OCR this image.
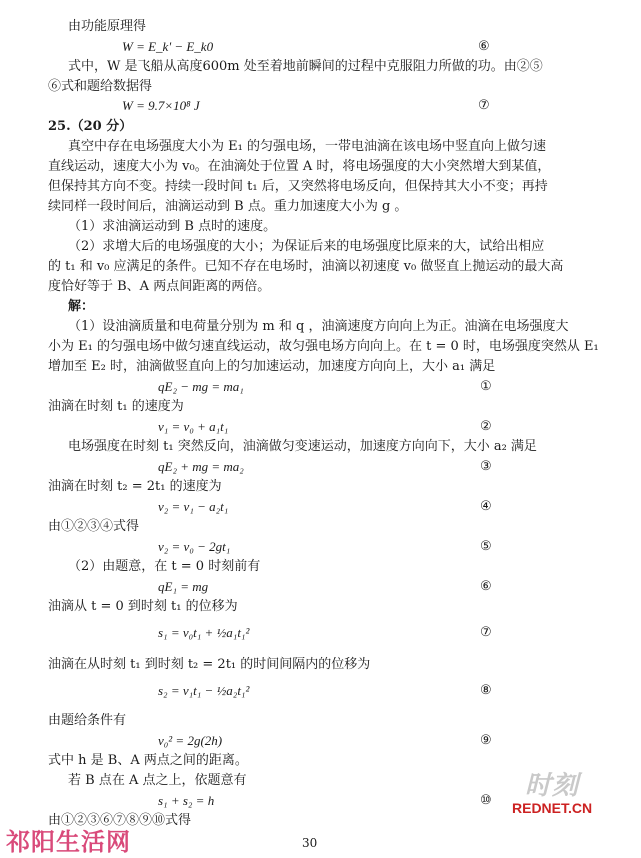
由功能原理得
W = E_k' − E_k0	⑥
式中，W 是飞船从高度600m 处至着地前瞬间的过程中克服阻力所做的功。由②⑤
⑥式和题给数据得
W = 9.7×10⁸ J	⑦
25.（20 分）
真空中存在电场强度大小为 E₁ 的匀强电场，一带电油滴在该电场中竖直向上做匀速
直线运动，速度大小为 v₀。在油滴处于位置 A 时，将电场强度的大小突然增大到某值，
但保持其方向不变。持续一段时间 t₁ 后，又突然将电场反向，但保持其大小不变；再持
续同样一段时间后，油滴运动到 B 点。重力加速度大小为 g 。
（1）求油滴运动到 B 点时的速度。
（2）求增大后的电场强度的大小；为保证后来的电场强度比原来的大，试给出相应
的 t₁ 和 v₀ 应满足的条件。已知不存在电场时，油滴以初速度 v₀ 做竖直上抛运动的最大高
度恰好等于 B、A 两点间距离的两倍。
解：
（1）设油滴质量和电荷量分别为 m 和 q ，油滴速度方向向上为正。油滴在电场强度大
小为 E₁ 的匀强电场中做匀速直线运动，故匀强电场方向向上。在 t = 0 时，电场强度突然从 E₁
增加至 E₂ 时，油滴做竖直向上的匀加速运动，加速度方向向上，大小 a₁ 满足
qE₂ − mg = ma₁	①
油滴在时刻 t₁ 的速度为
v₁ = v₀ + a₁t₁	②
电场强度在时刻 t₁ 突然反向，油滴做匀变速运动，加速度方向向下，大小 a₂ 满足
qE₂ + mg = ma₂	③
油滴在时刻 t₂ = 2t₁ 的速度为
v₂ = v₁ − a₂t₁	④
由①②③④式得
v₂ = v₀ − 2gt₁	⑤
（2）由题意，在 t = 0 时刻前有
qE₁ = mg	⑥
油滴从 t = 0 到时刻 t₁ 的位移为
s₁ = v₀t₁ + ½a₁t₁²	⑦
油滴在从时刻 t₁ 到时刻 t₂ = 2t₁ 的时间间隔内的位移为
s₂ = v₁t₁ − ½a₂t₁²	⑧
由题给条件有
v₀² = 2g(2h)	⑨
式中 h 是 B、A 两点之间的距离。
若 B 点在 A 点之上，依题意有
s₁ + s₂ = h	⑩
由①②③⑥⑦⑧⑨⑩式得
30
时刻
REDNET.CN
祁阳生活网
